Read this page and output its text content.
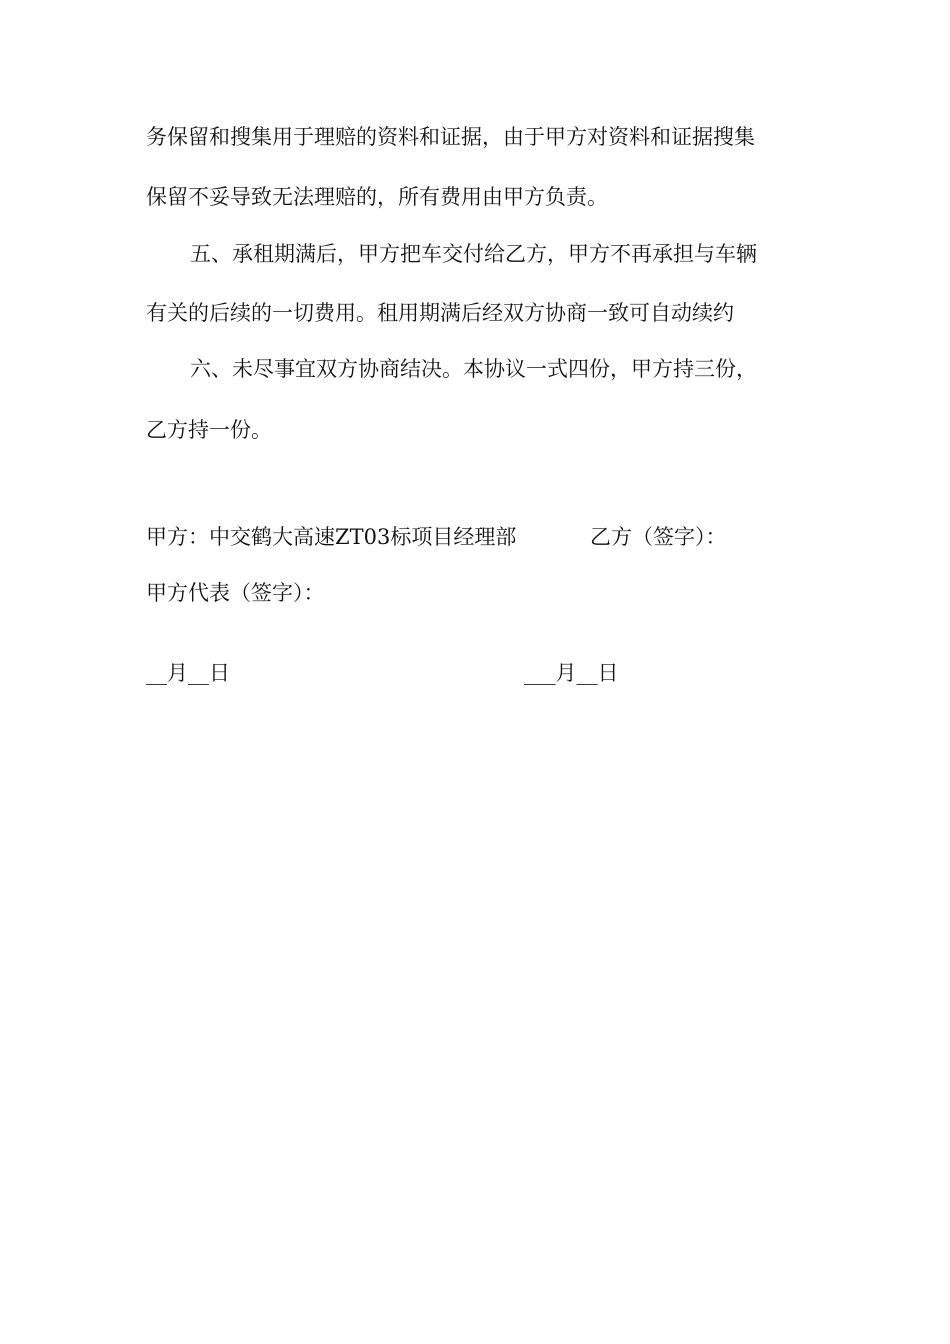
务保留和搜集用于理赔的资料和证据，由于甲方对资料和证据搜集
保留不妥导致无法理赔的，所有费用由甲方负责。
五、承租期满后，甲方把车交付给乙方，甲方不再承担与车辆
有关的后续的一切费用。租用期满后经双方协商一致可自动续约
六、未尽事宜双方协商结决。本协议一式四份，甲方持三份，
乙方持一份。
甲方：中交鹤大高速ZT03标项目经理部	乙方（签字）：
甲方代表（签字）：
__月__日	___月__日
